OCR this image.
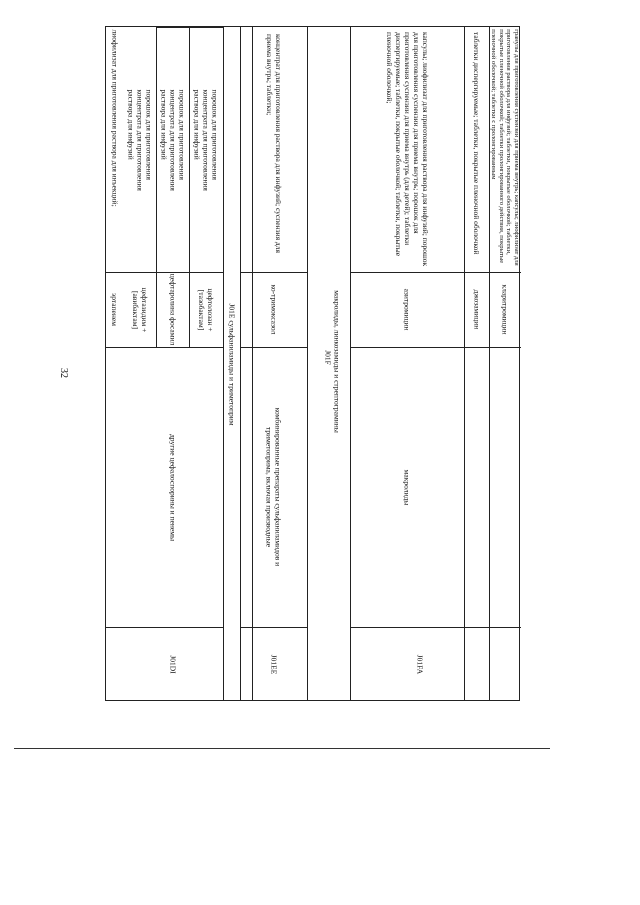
32
эртапенем
лиофилизат для приготовления раствора для инъекций;
J01DI
другие цефалоспорины и пенемы
цефтазидим + [авибактам]
порошок для приготовления концентрата для приготовления раствора для инфузий
цефтаролина фосамил
порошок для приготовления концентрата для приготовления раствора для инфузий
цефтолозан + [тазобактам]
порошок для приготовления концентрата для приготовления раствора для инфузий
J01E сульфаниламиды и триметоприм
J01EE
комбинированные препараты сульфаниламидов и триметоприма, включая производные
ко-тримоксазол
концентрат для приготовления раствора для инфузий; суспензия для приема внутрь; таблетки;
J01F макролиды, линкозамиды и стрептограмины
J01FA
макролиды
азитромицин
капсулы; лиофилизат для приготовления раствора для инфузий; порошок для приготовления суспензии для приема внутрь; порошок для приготовления суспензии для приема внутрь (для детей); таблетки диспергируемые; таблетки, покрытые оболочкой; таблетки, покрытые пленочной оболочкой;
джозамицин
таблетки диспергируемые; таблетки, покрытые пленочной оболочкой
кларитромицин
гранулы для приготовления суспензии для приема внутрь; капсулы; лиофилизат для приготовления раствора для инфузий; таблетки, покрытые оболочкой; таблетки, покрытые пленочной оболочкой; таблетки пролонгированного действия, покрытые пленочной оболочкой; таблетки с пролонгированным
